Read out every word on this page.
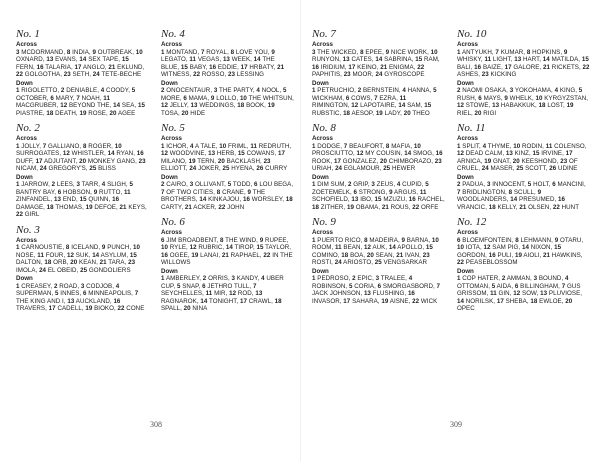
No. 1
Across
3 MCDORMAND, 8 INDIA, 9 OUTBREAK, 10 OXNARD, 13 EVANS, 14 SEX TAPE, 15 FERN, 16 TALARIA, 17 ANGLO, 21 EKLUND, 22 GOLGOTHA, 23 SETH, 24 TETE-BECHE
Down
1 RIGOLETTO, 2 DENIABLE, 4 COODY, 5 OCTOBER, 6 MARY, 7 NOAH, 11 MACGRUBER, 12 BEYOND THE, 14 SEA, 15 PIASTRE, 18 DEATH, 19 ROSE, 20 AGEE
No. 2
Across
1 JOLLY, 7 GALLIANO, 8 ROGER, 10 SURROGATES, 12 WHISTLER, 14 RYAN, 16 DUFF, 17 ADJUTANT, 20 MONKEY GANG, 23 NICAM, 24 GREGORY'S, 25 BLISS
Down
1 JARROW, 2 LEES, 3 TARR, 4 SLIGH, 5 BANTRY BAY, 6 HOBSON, 9 RUTTO, 11 ZINFANDEL, 13 END, 15 QUINN, 16 DAMAGE, 18 THOMAS, 19 DEFOE, 21 KEYS, 22 GIRL
No. 3
Across
1 CARNOUSTIE, 8 ICELAND, 9 PUNCH, 10 NOSE, 11 FOUR, 12 SUK, 14 ASYLUM, 15 DALTON, 18 ORB, 20 KEAN, 21 TARA, 23 IMOLA, 24 EL OBEID, 25 GONDOLIERS
Down
1 CREASEY, 2 ROAD, 3 CODJOB, 4 SUPERMAN, 5 INNES, 6 MINNEAPOLIS, 7 THE KING AND I, 13 AUCKLAND, 16 TRAVERS, 17 CADELL, 19 BIOKO, 22 CONE
No. 4
Across
1 MONTAND, 7 ROYAL, 8 LOVE YOU, 9 LEGATO, 11 VEGAS, 13 WEEK, 14 THE BLUE, 15 BABY, 16 EDDIE, 17 HRBATY, 21 WITNESS, 22 ROSSO, 23 LESSING
Down
2 ONOCENTAUR, 3 THE PARTY, 4 NOOL, 5 MORE, 6 MAMA, 9 LOLLO, 10 THE WHITSUN, 12 JELLY, 13 WEDDINGS, 18 BOOK, 19 TOSA, 20 HIDE
No. 5
Across
1 ICHOR, 4 A TALE, 10 FRIML, 11 REDRUTH, 12 WOODVINE, 13 HERB, 15 COWANS, 17 MILANO, 19 TERN, 20 BACKLASH, 23 ELLIOTT, 24 JOKER, 25 HYENA, 26 CURRY
Down
2 CAIRO, 3 OLLIVANT, 5 TODD, 6 LOU BEGA, 7 OF TWO CITIES, 8 CRANE, 9 THE BROTHERS, 14 KINKAJOU, 16 WORSLEY, 18 CARTY, 21 ACKER, 22 JOHN
No. 6
Across
6 JIM BROADBENT, 8 THE WIND, 9 RUPEE, 10 RYLE, 12 RUBRIC, 14 TIROP, 15 TAYLOR, 16 OGEE, 19 LANAI, 21 RAPHAEL, 22 IN THE WILLOWS
Down
1 AMBERLEY, 2 ORRIS, 3 KANDY, 4 UBER CUP, 5 SNAP, 6 JETHRO TULL, 7 SEYCHELLES, 11 MIR, 12 ROD, 13 RAGNAROK, 14 TONIGHT, 17 CRAWL, 18 SPALL, 20 NINA
308
No. 7
Across
3 THE WICKED, 8 EPEE, 9 NICE WORK, 10 RUNYON, 13 CATES, 14 SABRINA, 15 RAM, 16 IRIDIUM, 17 KEINO, 21 ENIGMA, 22 PAPHITIS, 23 MOOR, 24 GYROSCOPE
Down
1 PETRUCHIO, 2 BERNSTEIN, 4 HANNA, 5 WICKHAM, 6 COWS, 7 EZRA, 11 RIMINGTON, 12 LAPOTAIRE, 14 SAM, 15 RUBSTIC, 18 AESOP, 19 LADY, 20 THEO
No. 8
Across
1 DODGE, 7 BEAUFORT, 8 MAFIA, 10 PROSCIUTTO, 12 MY COUSIN, 14 SMOG, 16 ROOK, 17 GONZALEZ, 20 CHIMBORAZO, 23 URIAH, 24 EGLAMOUR, 25 HEWER
Down
1 DIM SUM, 2 GRIP, 3 ZEUS, 4 CUPID, 5 ZOETEMELK, 6 STRONG, 9 ARGUS, 11 SCHOFIELD, 13 IBO, 15 MZUZU, 16 RACHEL, 18 ZITHER, 19 OBAMA, 21 ROUS, 22 ORFE
No. 9
Across
1 PUERTO RICO, 8 MADEIRA, 9 BARNA, 10 ROOM, 11 BEAN, 12 AUK, 14 APOLLO, 15 COMINO, 18 BOA, 20 SEAN, 21 IVAN, 23 ROSTI, 24 ARIOSTO, 25 VENGSARKAR
Down
1 PEDROSO, 2 EPIC, 3 TRALEE, 4 ROBINSON, 5 CORIA, 6 SMORGASBORD, 7 JACK JOHNSON, 13 FLUSHING, 16 INVASOR, 17 SAHARA, 19 AISNE, 22 WICK
No. 10
Across
1 ANTYUKH, 7 KUMAR, 8 HOPKINS, 9 WHISKY, 11 LIGHT, 13 HART, 14 MATILDA, 15 BALI, 16 BAIZE, 17 GALORE, 21 RICKETS, 22 ASHES, 23 KICKING
Down
2 NAOMI OSAKA, 3 YOKOHAMA, 4 KING, 5 RUSH, 6 MAYS, 9 WHELK, 10 KYRGYZSTAN, 12 STOWE, 13 HABAKKUK, 18 LOST, 19 RIEL, 20 RIGI
No. 11
Across
1 SPLIT, 4 THYME, 10 RODIN, 11 COLENSO, 12 DEAD CALM, 13 KINZ, 15 IRVINE, 17 ARNICA, 19 GNAT, 20 KEESHOND, 23 OF CRUEL, 24 MASER, 25 SCOTT, 26 UDINE
Down
2 PADUA, 3 INNOCENT, 5 HOLT, 6 MANCINI, 7 BRIDLINGTON, 8 SCULL, 9 WOODLANDERS, 14 PRESUMED, 16 VRANCIC, 18 KELLY, 21 OLSEN, 22 HUNT
No. 12
Across
6 BLOEMFONTEIN, 8 LEHMANN, 9 OTARU, 10 IOTA, 12 SAM PIG, 14 NIXON, 15 GORDON, 16 PULI, 19 AIOLI, 21 HAWKINS, 22 PEASEBLOSSOM
Down
1 COP HATER, 2 AMMAN, 3 BOUND, 4 OTTOMAN, 5 AIDA, 6 BILLINGHAM, 7 GUS GRISSOM, 11 GIN, 12 SOW, 13 PLUVIOSE, 14 NORILSK, 17 SHEBA, 18 EWLOE, 20 OPEC
309
